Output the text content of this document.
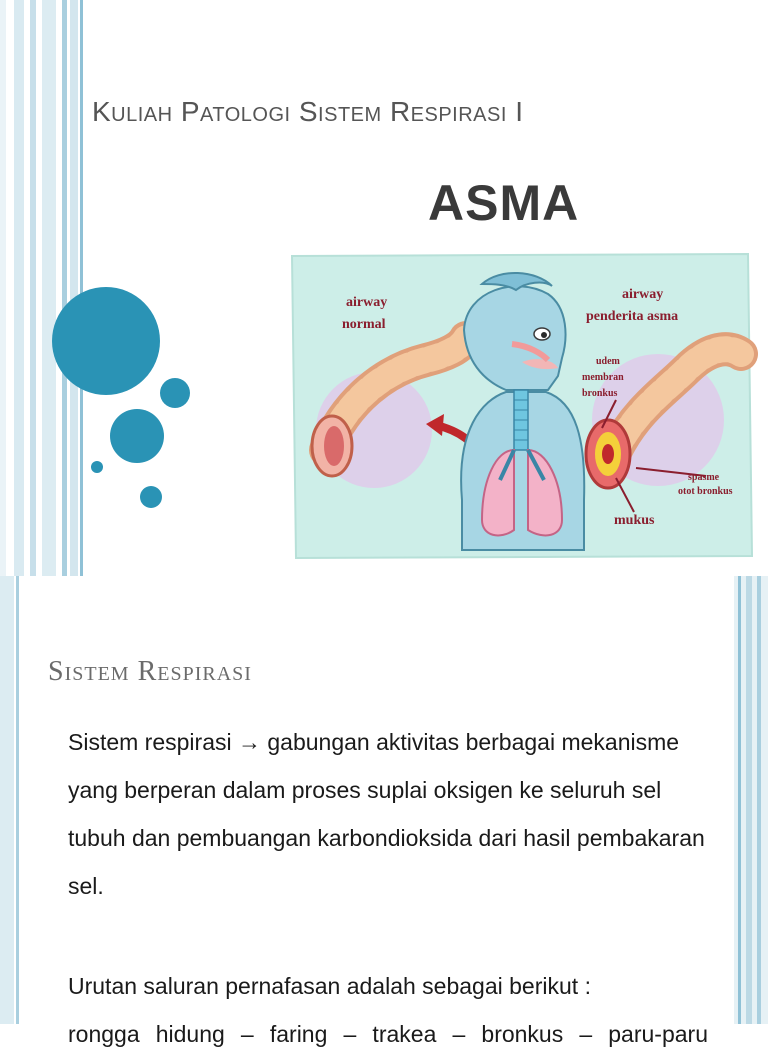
Kuliah Patologi Sistem Respirasi I
ASMA
airway
normal
airway
penderita asma
udem
membran
bronkus
spasme
otot bronkus
mukus
Sistem Respirasi
Sistem respirasi → gabungan aktivitas berbagai mekanisme yang berperan dalam proses suplai oksigen ke seluruh sel tubuh dan pembuangan karbondioksida dari hasil pembakaran sel.
Urutan saluran pernafasan adalah sebagai berikut :
rongga hidung – faring – trakea – bronkus – paru-paru
